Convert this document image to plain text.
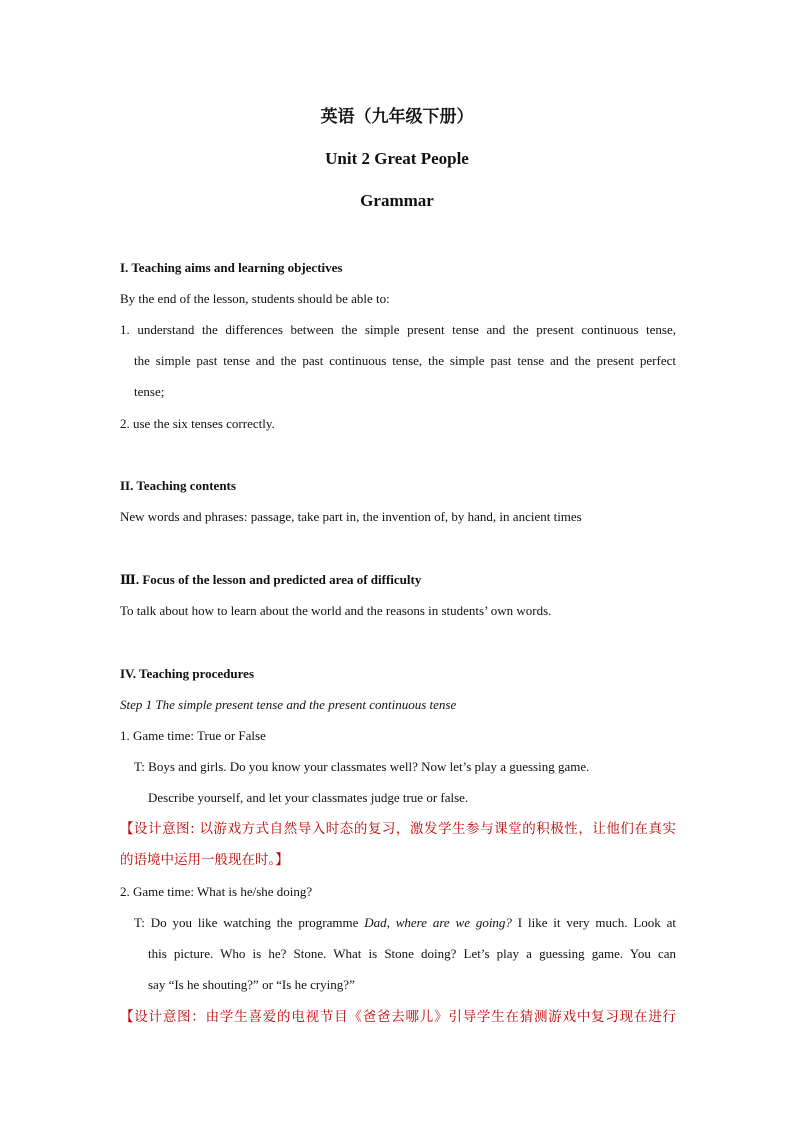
英语（九年级下册）
Unit 2 Great People
Grammar
I. Teaching aims and learning objectives
By the end of the lesson, students should be able to:
1. understand the differences between the simple present tense and the present continuous tense,
the simple past tense and the past continuous tense, the simple past tense and the present perfect
tense;
2. use the six tenses correctly.
II. Teaching contents
New words and phrases: passage, take part in, the invention of, by hand, in ancient times
Ⅲ. Focus of the lesson and predicted area of difficulty
To talk about how to learn about the world and the reasons in students’ own words.
IV. Teaching procedures
Step 1 The simple present tense and the present continuous tense
1. Game time: True or False
T: Boys and girls. Do you know your classmates well? Now let’s play a guessing game.
Describe yourself, and let your classmates judge true or false.
【设计意图: 以游戏方式自然导入时态的复习，激发学生参与课堂的积极性，让他们在真实
的语境中运用一般现在时。】
2. Game time: What is he/she doing?
T: Do you like watching the programme Dad, where are we going? I like it very much. Look at
this picture. Who is he? Stone. What is Stone doing? Let’s play a guessing game. You can
say “Is he shouting?” or “Is he crying?”
【设计意图：由学生喜爱的电视节目《爸爸去哪儿》引导学生在猜测游戏中复习现在进行
